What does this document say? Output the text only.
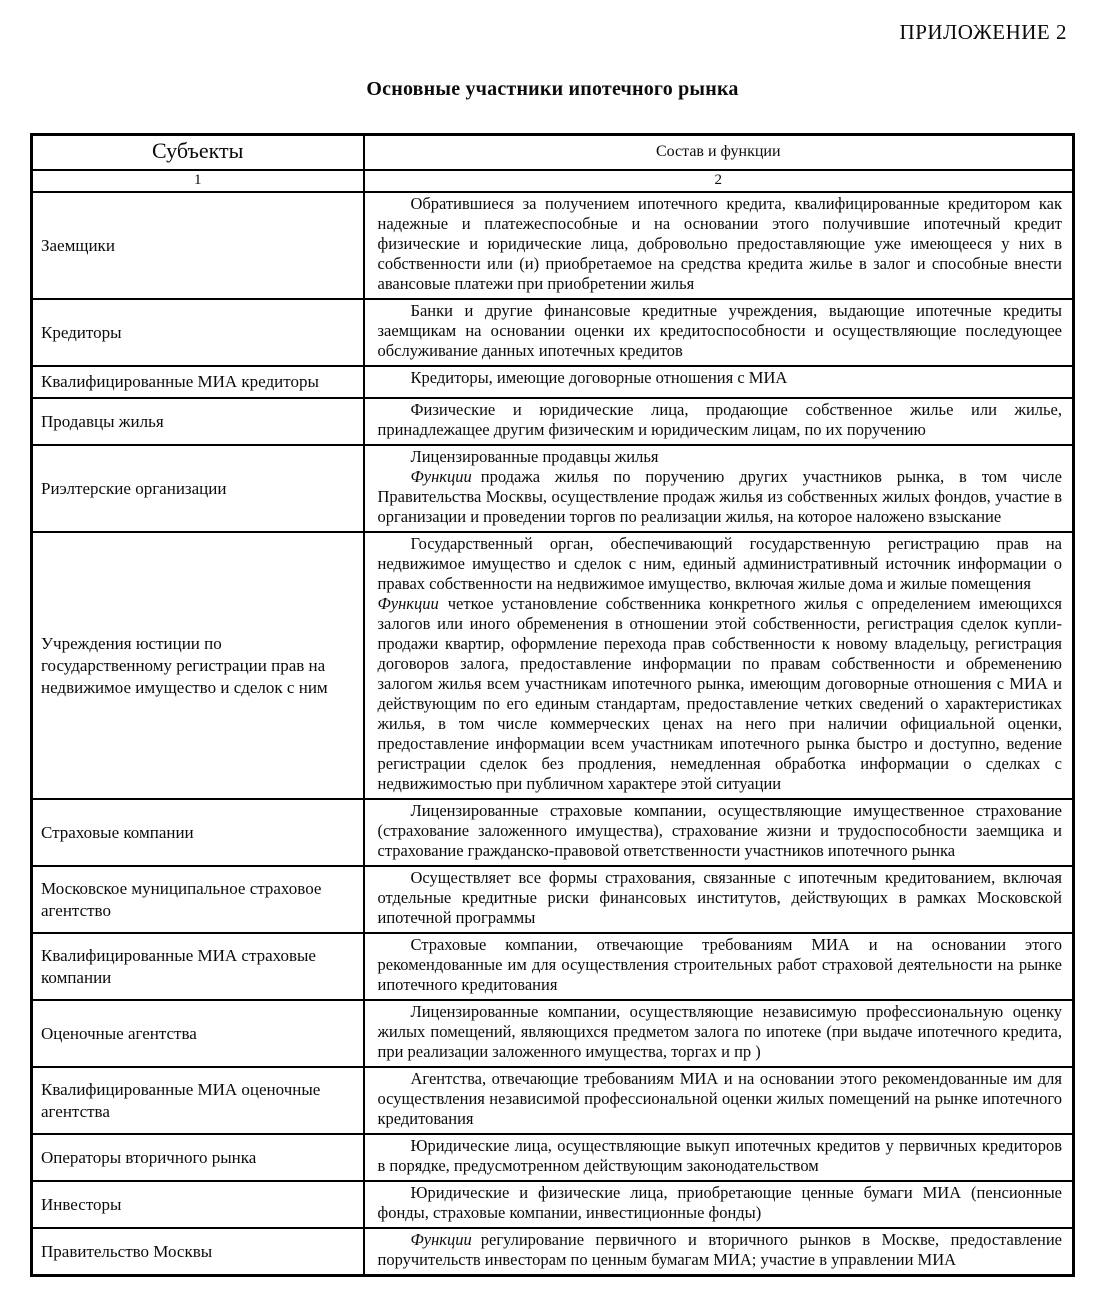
ПРИЛОЖЕНИЕ 2
Основные участники ипотечного рынка
Субъекты	Состав и функции
1	2
Заемщики	Обратившиеся за получением ипотечного кредита, квалифицированные кредитором как надежные и платежеспособные и на основании этого получившие ипотечный кредит физические и юридические лица, добровольно предоставляющие уже имеющееся у них в собственности или (и) приобретаемое на средства кредита жилье в залог и способные внести авансовые платежи при приобретении жилья

Кредиторы	Банки и другие финансовые кредитные учреждения, выдающие ипотечные кредиты заемщикам на основании оценки их кредитоспособности и осуществляющие последующее обслуживание данных ипотечных кредитов

Квалифицированные МИА кредиторы	Кредиторы, имеющие договорные отношения с МИА

Продавцы жилья	Физические и юридические лица, продающие собственное жилье или жилье, принадлежащее другим физическим и юридическим лицам, по их поручению

Риэлтерские организации	Лицензированные продавцы жилья
Функции продажа жилья по поручению других участников рынка, в том числе Правительства Москвы, осуществление продаж жилья из собственных жилых фондов, участие в организации и проведении торгов по реализации жилья, на которое наложено взыскание

Учреждения юстиции по государственному регистрации прав на недвижимое имущество и сделок с ним	Государственный орган, обеспечивающий государственную регистрацию прав на недвижимое имущество и сделок с ним, единый административный источник информации о правах собственности на недвижимое имущество, включая жилые дома и жилые помещения
Функции четкое установление собственника конкретного жилья с определением имеющихся залогов или иного обременения в отношении этой собственности, регистрация сделок купли-продажи квартир, оформление перехода прав собственности к новому владельцу, регистрация договоров залога, предоставление информации по правам собственности и обременению залогом жилья всем участникам ипотечного рынка, имеющим договорные отношения с МИА и действующим по его единым стандартам, предоставление четких сведений о характеристиках жилья, в том числе коммерческих ценах на него при наличии официальной оценки, предоставление информации всем участникам ипотечного рынка быстро и доступно, ведение регистрации сделок без продления, немедленная обработка информации о сделках с недвижимостью при публичном характере этой ситуации

Страховые компании	Лицензированные страховые компании, осуществляющие имущественное страхование (страхование заложенного имущества), страхование жизни и трудоспособности заемщика и страхование гражданско-правовой ответственности участников ипотечного рынка

Московское муниципальное страховое агентство	Осуществляет все формы страхования, связанные с ипотечным кредитованием, включая отдельные кредитные риски финансовых институтов, действующих в рамках Московской ипотечной программы

Квалифицированные МИА страховые компании	Страховые компании, отвечающие требованиям МИА и на основании этого рекомендованные им для осуществления строительных работ страховой деятельности на рынке ипотечного кредитования

Оценочные агентства	Лицензированные компании, осуществляющие независимую профессиональную оценку жилых помещений, являющихся предметом залога по ипотеке (при выдаче ипотечного кредита, при реализации заложенного имущества, торгах и пр )

Квалифицированные МИА оценочные агентства	Агентства, отвечающие требованиям МИА и на основании этого рекомендованные им для осуществления независимой профессиональной оценки жилых помещений на рынке ипотечного кредитования

Операторы вторичного рынка	Юридические лица, осуществляющие выкуп ипотечных кредитов у первичных кредиторов в порядке, предусмотренном действующим законодательством

Инвесторы	Юридические и физические лица, приобретающие ценные бумаги МИА (пенсионные фонды, страховые компании, инвестиционные фонды)

Правительство Москвы	Функции регулирование первичного и вторичного рынков в Москве, предоставление поручительств инвесторам по ценным бумагам МИА; участие в управлении МИА
